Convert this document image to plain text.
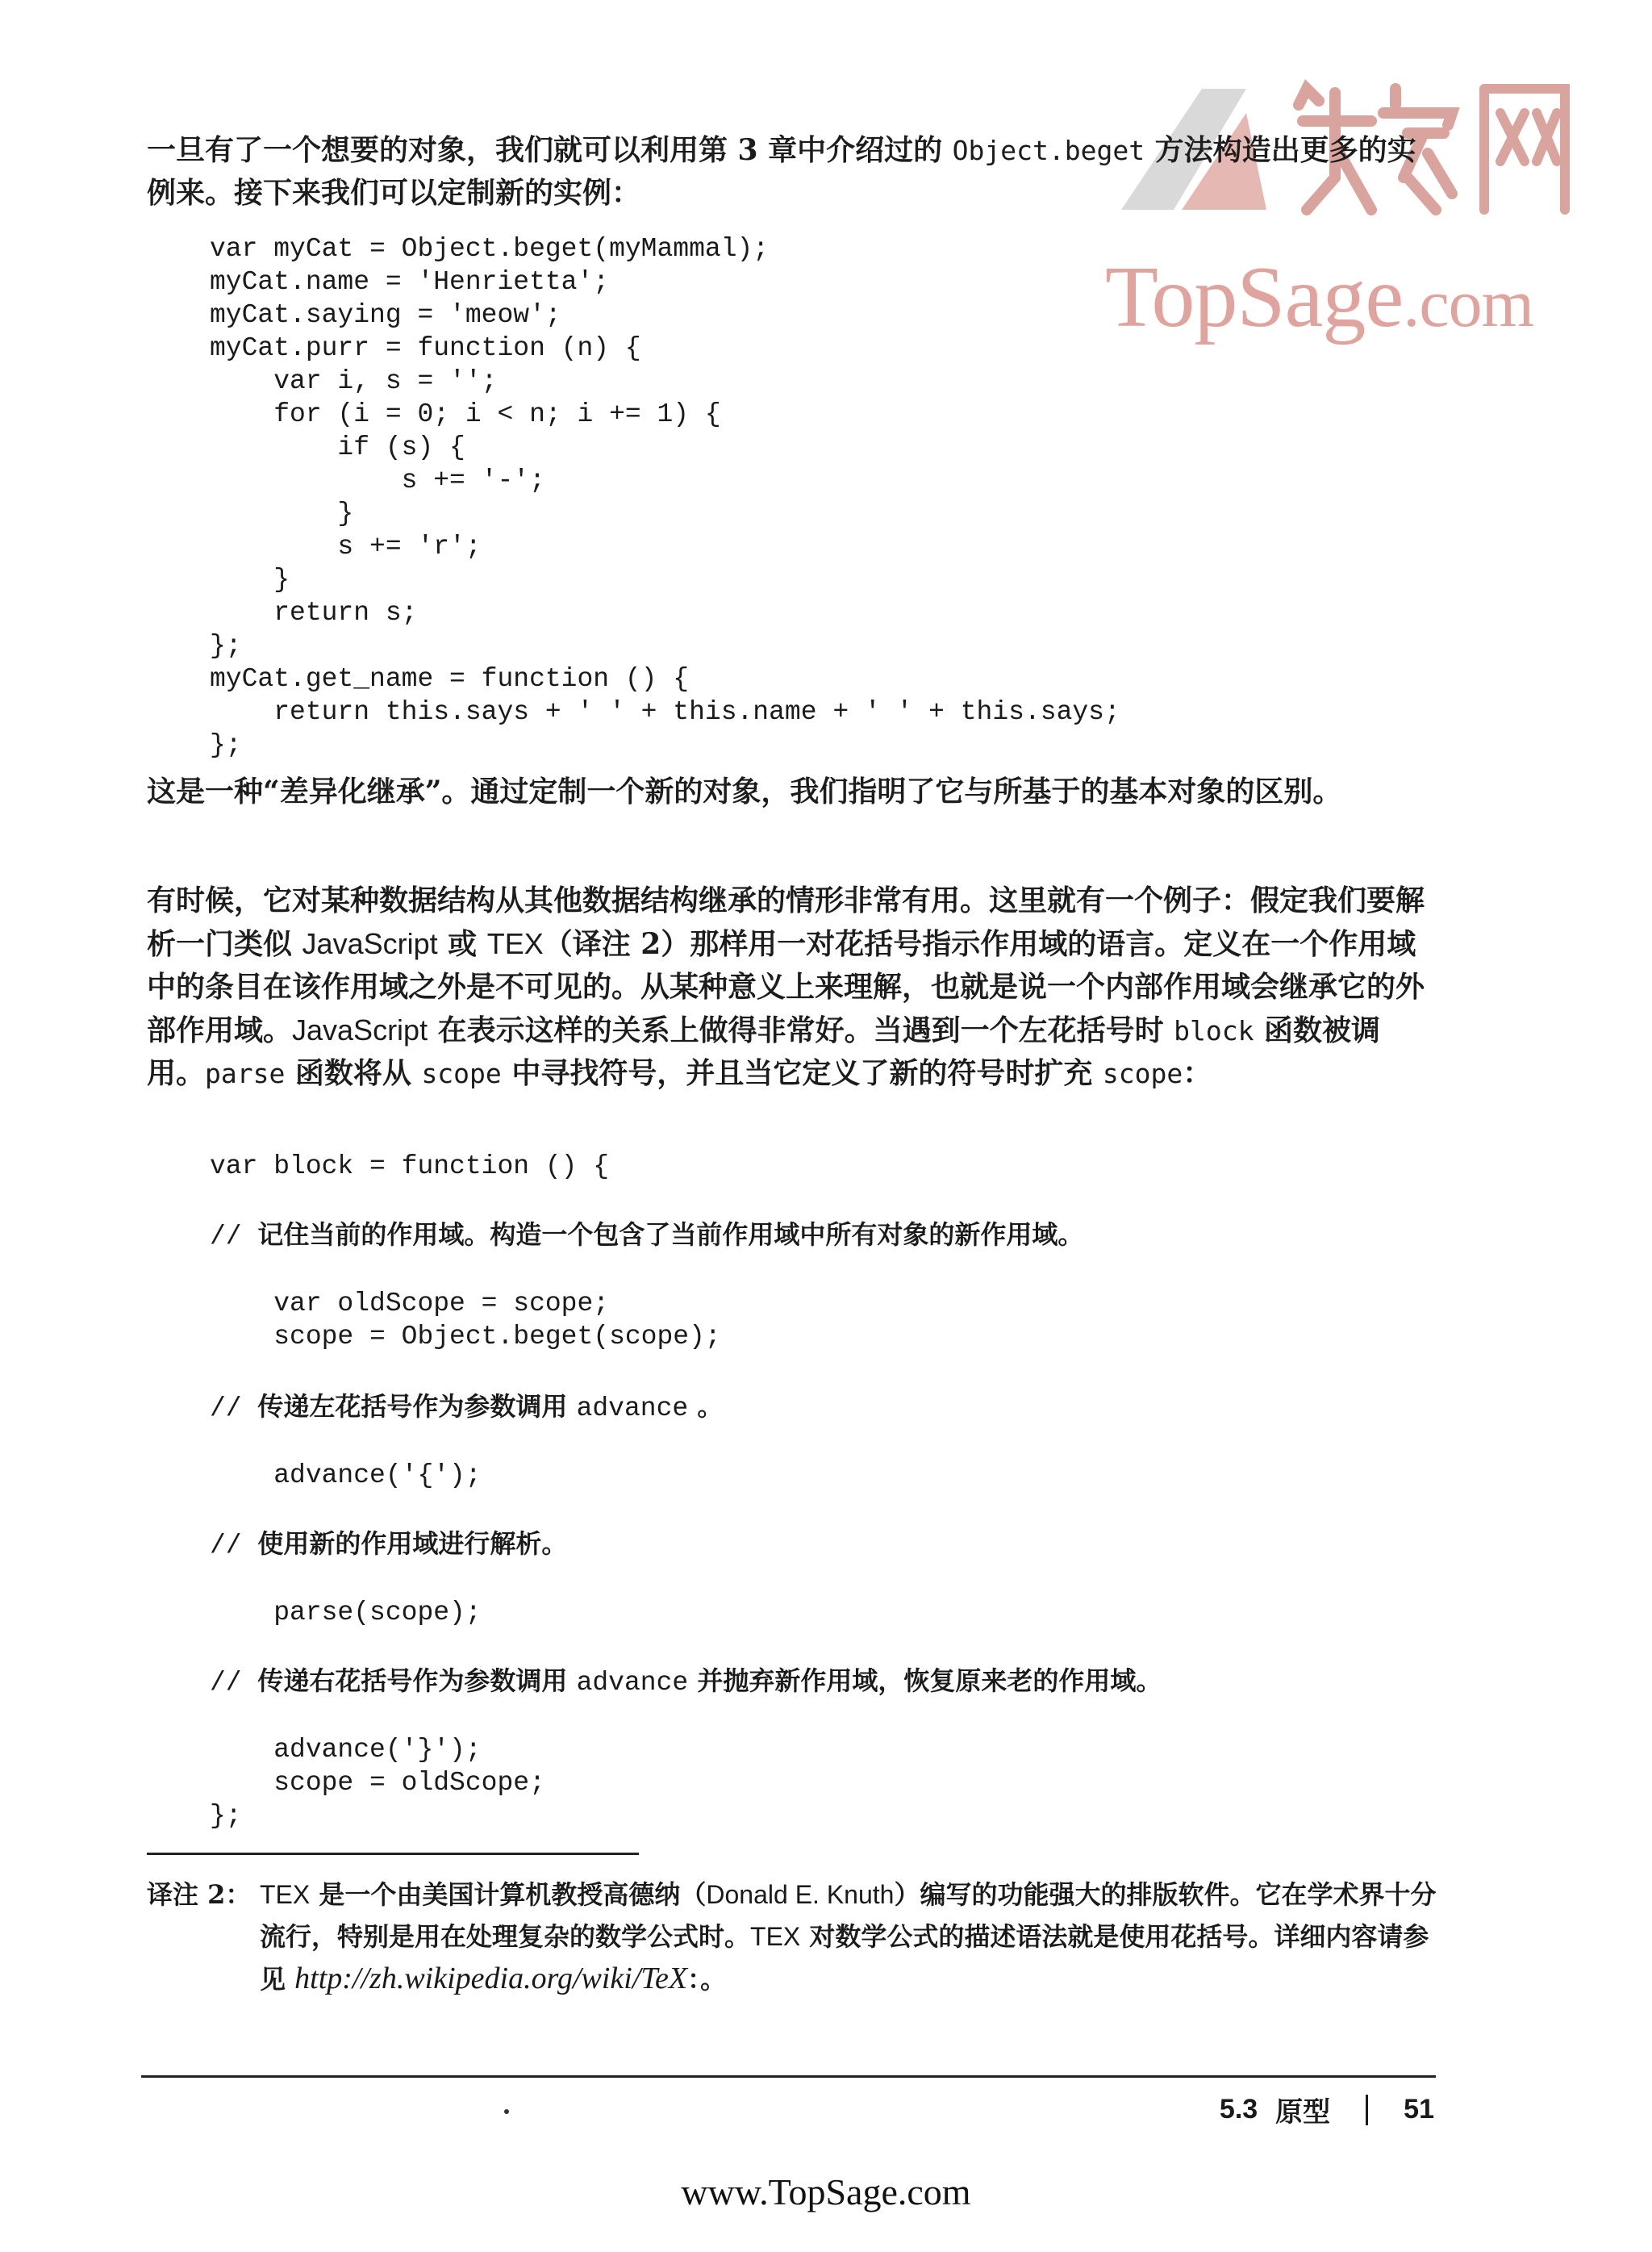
TopSage.com

一旦有了一个想要的对象，我们就可以利用第 3 章中介绍过的 Object.beget 方法构造出更多的实例来。接下来我们可以定制新的实例：

var myCat = Object.beget(myMammal);
myCat.name = 'Henrietta';
myCat.saying = 'meow';
myCat.purr = function (n) {
var i, s = '';
for (i = 0; i < n; i += 1) {
if (s) {
s += '-';
}
s += 'r';
}
return s;
};
myCat.get_name = function () {
return this.says + ' ' + this.name + ' ' + this.says;
};

这是一种“差异化继承”。通过定制一个新的对象，我们指明了它与所基于的基本对象的区别。

有时候，它对某种数据结构从其他数据结构继承的情形非常有用。这里就有一个例子：假定我们要解析一门类似 JavaScript 或 TEX（译注 2）那样用一对花括号指示作用域的语言。定义在一个作用域中的条目在该作用域之外是不可见的。从某种意义上来理解，也就是说一个内部作用域会继承它的外部作用域。JavaScript 在表示这样的关系上做得非常好。当遇到一个左花括号时 block 函数被调用。parse 函数将从 scope 中寻找符号，并且当它定义了新的符号时扩充 scope：

var block = function () {
// 记住当前的作用域。构造一个包含了当前作用域中所有对象的新作用域。
var oldScope = scope;
scope = Object.beget(scope);
// 传递左花括号作为参数调用 advance 。
advance('{');
// 使用新的作用域进行解析。
parse(scope);
// 传递右花括号作为参数调用 advance 并抛弃新作用域，恢复原来老的作用域。
advance('}');
scope = oldScope;
};
译注 2： TEX 是一个由美国计算机教授高德纳（Donald E. Knuth）编写的功能强大的排版软件。它在学术界十分流行，特别是用在处理复杂的数学公式时。TEX 对数学公式的描述语法就是使用花括号。详细内容请参见 http://zh.wikipedia.org/wiki/TeX：。
5.3 原型	51
www.TopSage.com
